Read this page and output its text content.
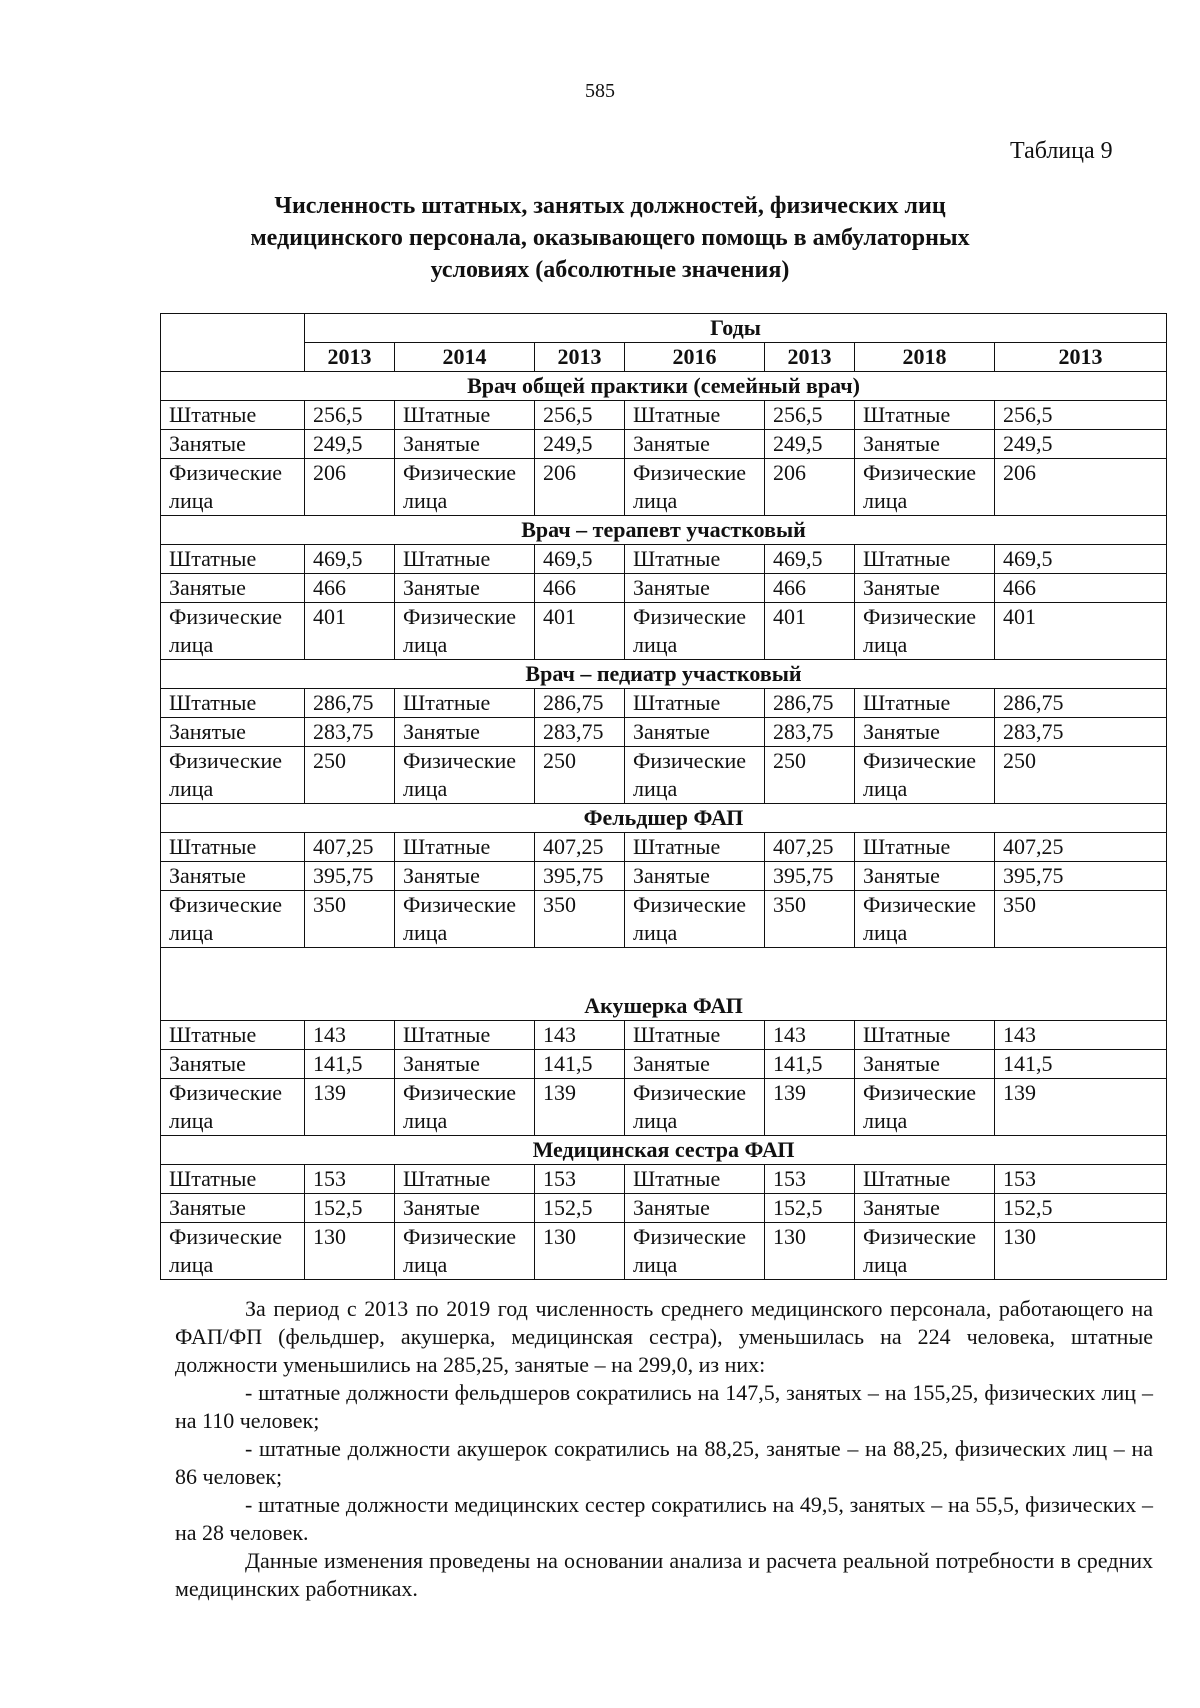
585
Таблица 9
Численность штатных, занятых должностей, физических лиц
медицинского персонала, оказывающего помощь в амбулаторных
условиях (абсолютные значения)
	Годы						
	2013	2014	2013	2016	2013	2018	2013
Врач общей практики (семейный врач)							
Штатные	256,5	Штатные	256,5	Штатные	256,5	Штатные	256,5
Занятые	249,5	Занятые	249,5	Занятые	249,5	Занятые	249,5
Физические лица	206	Физические лица	206	Физические лица	206	Физические лица	206
Врач – терапевт участковый							
Штатные	469,5	Штатные	469,5	Штатные	469,5	Штатные	469,5
Занятые	466	Занятые	466	Занятые	466	Занятые	466
Физические лица	401	Физические лица	401	Физические лица	401	Физические лица	401
Врач – педиатр участковый							
Штатные	286,75	Штатные	286,75	Штатные	286,75	Штатные	286,75
Занятые	283,75	Занятые	283,75	Занятые	283,75	Занятые	283,75
Физические лица	250	Физические лица	250	Физические лица	250	Физические лица	250
Фельдшер ФАП							
Штатные	407,25	Штатные	407,25	Штатные	407,25	Штатные	407,25
Занятые	395,75	Занятые	395,75	Занятые	395,75	Занятые	395,75
Физические лица	350	Физические лица	350	Физические лица	350	Физические лица	350
Акушерка ФАП							
Штатные	143	Штатные	143	Штатные	143	Штатные	143
Занятые	141,5	Занятые	141,5	Занятые	141,5	Занятые	141,5
Физические лица	139	Физические лица	139	Физические лица	139	Физические лица	139
Медицинская сестра ФАП							
Штатные	153	Штатные	153	Штатные	153	Штатные	153
Занятые	152,5	Занятые	152,5	Занятые	152,5	Занятые	152,5
Физические лица	130	Физические лица	130	Физические лица	130	Физические лица	130

За период с 2013 по 2019 год численность среднего медицинского персонала, работающего на ФАП/ФП (фельдшер, акушерка, медицинская сестра), уменьшилась на 224 человека, штатные должности уменьшились на 285,25, занятые – на 299,0, из них:

- штатные должности фельдшеров сократились на 147,5, занятых – на 155,25, физических лиц – на 110 человек;

- штатные должности акушерок сократились на 88,25, занятые – на 88,25, физических лиц – на 86 человек;

- штатные должности медицинских сестер сократились на 49,5, занятых – на 55,5, физических – на 28 человек.

Данные изменения проведены на основании анализа и расчета реальной потребности в средних медицинских работниках.
